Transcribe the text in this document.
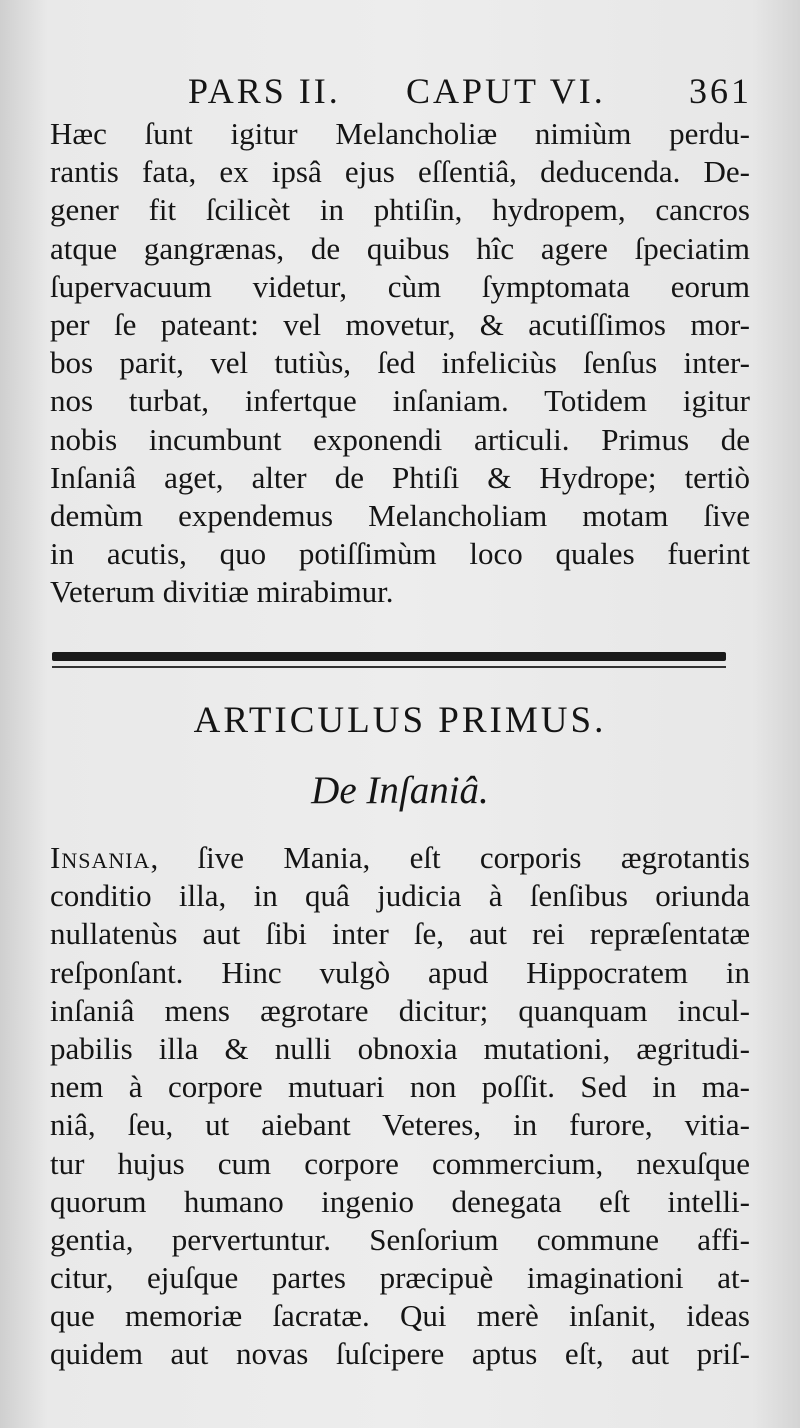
PARS II. CAPUT VI. 361
Hæc ſunt igitur Melancholiæ nimiùm perdu-
rantis fata, ex ipsâ ejus eſſentiâ, deducenda. De-
gener fit ſcilicèt in phtiſin, hydropem, cancros
atque gangrænas, de quibus hîc agere ſpeciatim
ſupervacuum videtur, cùm ſymptomata eorum
per ſe pateant: vel movetur, & acutiſſimos mor-
bos parit, vel tutiùs, ſed infeliciùs ſenſus inter-
nos turbat, infertque inſaniam. Totidem igitur
nobis incumbunt exponendi articuli. Primus de
Inſaniâ aget, alter de Phtiſi & Hydrope; tertiò
demùm expendemus Melancholiam motam ſive
in acutis, quo potiſſimùm loco quales fuerint
Veterum divitiæ mirabimur.
ARTICULUS PRIMUS.
De Inſaniâ.
Insania, ſive Mania, eſt corporis ægrotantis
conditio illa, in quâ judicia à ſenſibus oriunda
nullatenùs aut ſibi inter ſe, aut rei repræſentatæ
reſponſant. Hinc vulgò apud Hippocratem in
inſaniâ mens ægrotare dicitur; quanquam incul-
pabilis illa & nulli obnoxia mutationi, ægritudi-
nem à corpore mutuari non poſſit. Sed in ma-
niâ, ſeu, ut aiebant Veteres, in furore, vitia-
tur hujus cum corpore commercium, nexuſque
quorum humano ingenio denegata eſt intelli-
gentia, pervertuntur. Senſorium commune affi-
citur, ejuſque partes præcipuè imaginationi at-
que memoriæ ſacratæ. Qui merè inſanit, ideas
quidem aut novas ſuſcipere aptus eſt, aut priſ-
